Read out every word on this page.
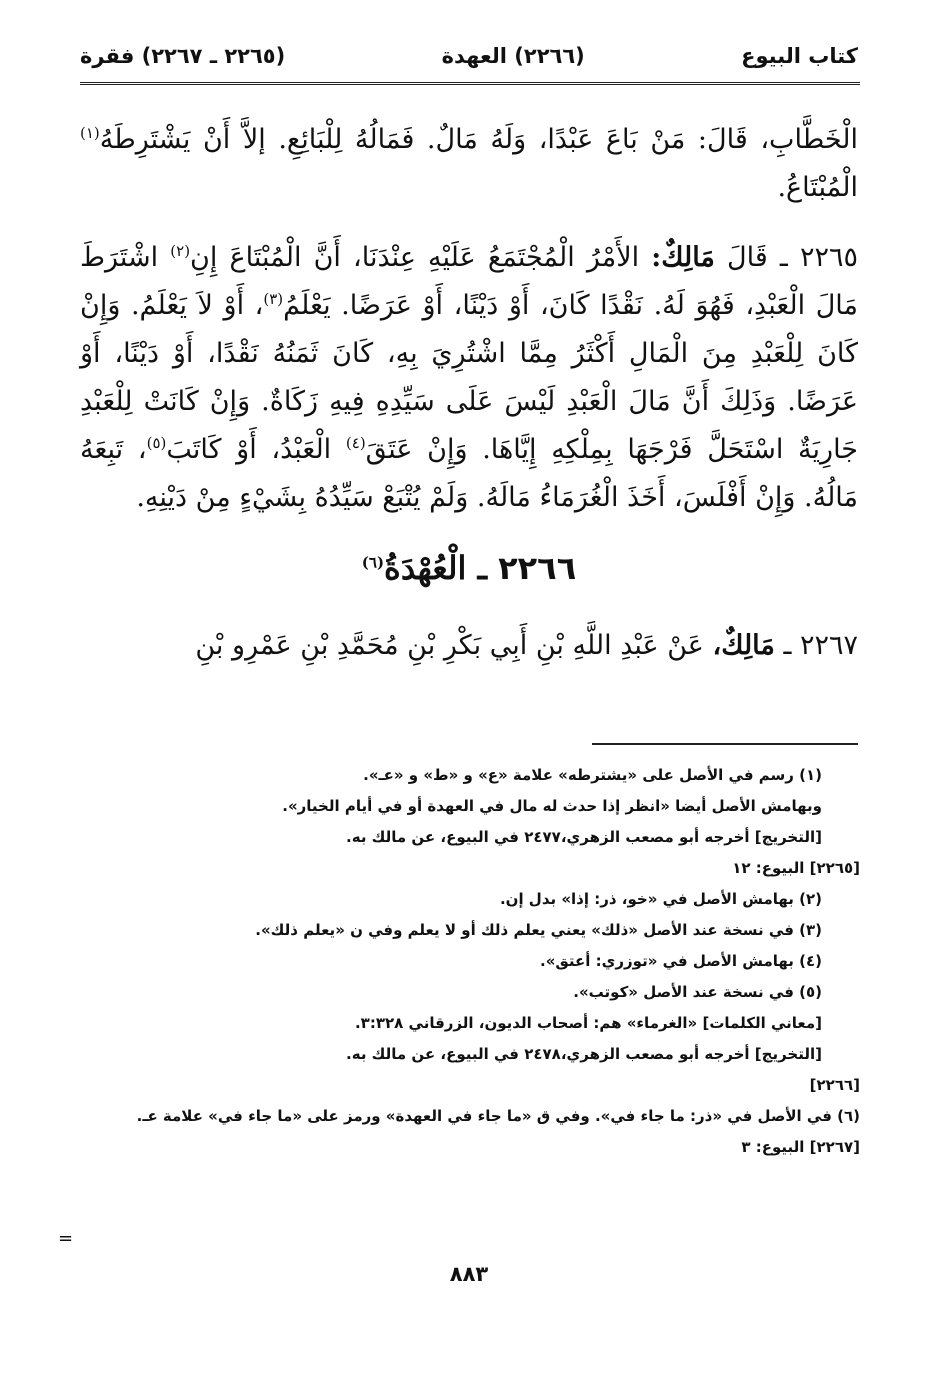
كتاب البيوع
(٢٢٦٦) العهدة
(٢٢٦٥ ـ ٢٢٦٧) فقرة

الْخَطَّابِ، قَالَ: مَنْ بَاعَ عَبْدًا، وَلَهُ مَالٌ. فَمَالُهُ لِلْبَائِعِ. إلاَّ أَنْ يَشْتَرِطَهُ$^{(١)}$ الْمُبْتَاعُ.

٢٢٦٥ ـ قَالَ مَالِكٌ: الأَمْرُ الْمُجْتَمَعُ عَلَيْهِ عِنْدَنَا، أَنَّ الْمُبْتَاعَ إِنِ$^{(٢)}$ اشْتَرَطَ مَالَ الْعَبْدِ، فَهُوَ لَهُ. نَقْدًا كَانَ، أَوْ دَيْنًا، أَوْ عَرَضًا. يَعْلَمُ$^{(٣)}$، أَوْ لاَ يَعْلَمُ. وَإِنْ كَانَ لِلْعَبْدِ مِنَ الْمَالِ أَكْثَرُ مِمَّا اشْتُرِيَ بِهِ، كَانَ ثَمَنُهُ نَقْدًا، أَوْ دَيْنًا، أَوْ عَرَضًا. وَذَلِكَ أَنَّ مَالَ الْعَبْدِ لَيْسَ عَلَى سَيِّدِهِ فِيهِ زَكَاةٌ. وَإِنْ كَانَتْ لِلْعَبْدِ جَارِيَةٌ اسْتَحَلَّ فَرْجَهَا بِمِلْكِهِ إِيَّاهَا. وَإِنْ عَتَقَ$^{(٤)}$ الْعَبْدُ، أَوْ كَاتَبَ$^{(٥)}$، تَبِعَهُ مَالُهُ. وَإِنْ أَفْلَسَ، أَخَذَ الْغُرَمَاءُ مَالَهُ. وَلَمْ يُتْبَعْ سَيِّدُهُ بِشَيْءٍ مِنْ دَيْنِهِ.

٢٢٦٦ ـ الْعُهْدَةُ$^{(٦)}$

٢٢٦٧ ـ مَالِكٌ، عَنْ عَبْدِ اللَّهِ بْنِ أَبِي بَكْرِ بْنِ مُحَمَّدِ بْنِ عَمْرِو بْنِ

(١) رسم في الأصل على «يشترطه» علامة «ع» و «ط» و «عـ».

وبهامش الأصل أيضا «انظر إذا حدث له مال في العهدة أو في أيام الخيار».

[التخريج] أخرجه أبو مصعب الزهري،٢٤٧٧ في البيوع، عن مالك به.

[٢٢٦٥] البيوع: ١٢

(٢) بهامش الأصل في «خو، ذر: إذا» بدل إن.

(٣) في نسخة عند الأصل «ذلك» يعني يعلم ذلك أو لا يعلم وفي ن «يعلم ذلك».

(٤) بهامش الأصل في «توزري: أعتق».

(٥) في نسخة عند الأصل «كوتب».

[معاني الكلمات] «الغرماء» هم: أصحاب الديون، الزرقاني ٣:٣٢٨.

[التخريج] أخرجه أبو مصعب الزهري،٢٤٧٨ في البيوع، عن مالك به.

[٢٢٦٦]

(٦) في الأصل في «ذر: ما جاء في». وفي ق «ما جاء في العهدة» ورمز على «ما جاء في» علامة عـ.

[٢٢٦٧] البيوع: ٣

=
٨٨٣
